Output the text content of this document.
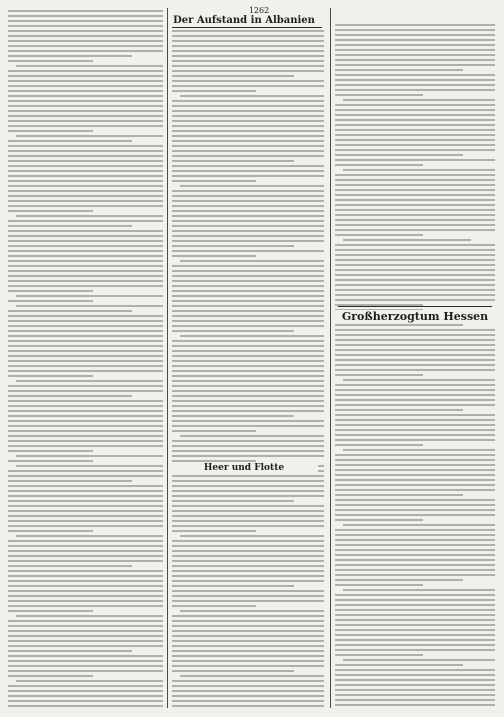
1262
Der Aufstand in Albanien
Großherzogtum Hessen
Heer und Flotte
